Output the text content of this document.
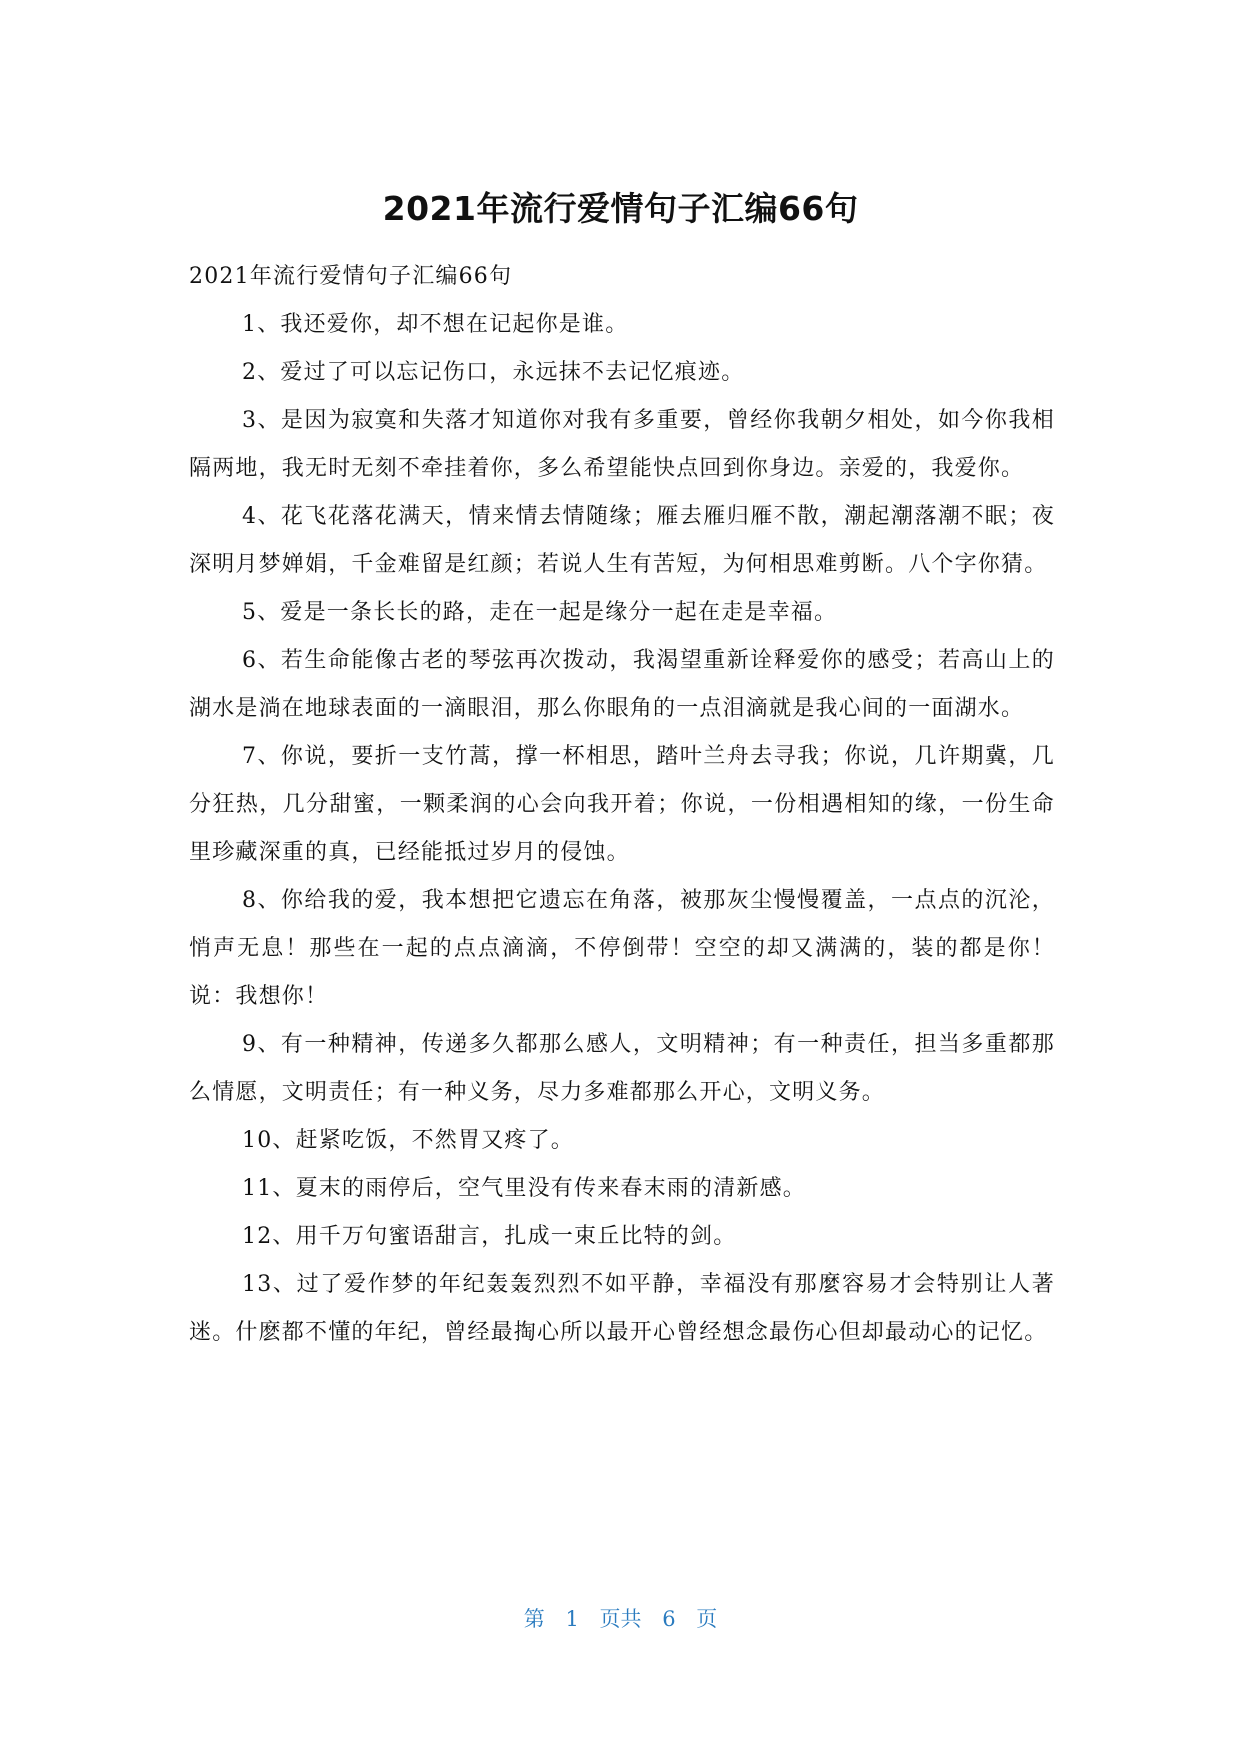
2021年流行爱情句子汇编66句

2021年流行爱情句子汇编66句

1、我还爱你，却不想在记起你是谁。

2、爱过了可以忘记伤口，永远抹不去记忆痕迹。

3、是因为寂寞和失落才知道你对我有多重要，曾经你我朝夕相处，如今你我相隔两地，我无时无刻不牵挂着你，多么希望能快点回到你身边。亲爱的，我爱你。

4、花飞花落花满天，情来情去情随缘；雁去雁归雁不散，潮起潮落潮不眠；夜深明月梦婵娟，千金难留是红颜；若说人生有苦短，为何相思难剪断。八个字你猜。

5、爱是一条长长的路，走在一起是缘分一起在走是幸福。

6、若生命能像古老的琴弦再次拨动，我渴望重新诠释爱你的感受；若高山上的湖水是淌在地球表面的一滴眼泪，那么你眼角的一点泪滴就是我心间的一面湖水。

7、你说，要折一支竹蒿，撑一杯相思，踏叶兰舟去寻我；你说，几许期冀，几分狂热，几分甜蜜，一颗柔润的心会向我开着；你说，一份相遇相知的缘，一份生命里珍藏深重的真，已经能抵过岁月的侵蚀。

8、你给我的爱，我本想把它遗忘在角落，被那灰尘慢慢覆盖，一点点的沉沦，悄声无息！那些在一起的点点滴滴，不停倒带！空空的却又满满的，装的都是你！说：我想你！

9、有一种精神，传递多久都那么感人，文明精神；有一种责任，担当多重都那么情愿，文明责任；有一种义务，尽力多难都那么开心，文明义务。

10、赶紧吃饭，不然胃又疼了。

11、夏末的雨停后，空气里没有传来春末雨的清新感。

12、用千万句蜜语甜言，扎成一束丘比特的剑。

13、过了爱作梦的年纪轰轰烈烈不如平静，幸福没有那麼容易才会特别让人著迷。什麽都不懂的年纪，曾经最掏心所以最开心曾经想念最伤心但却最动心的记忆。

第 1 页共 6 页
